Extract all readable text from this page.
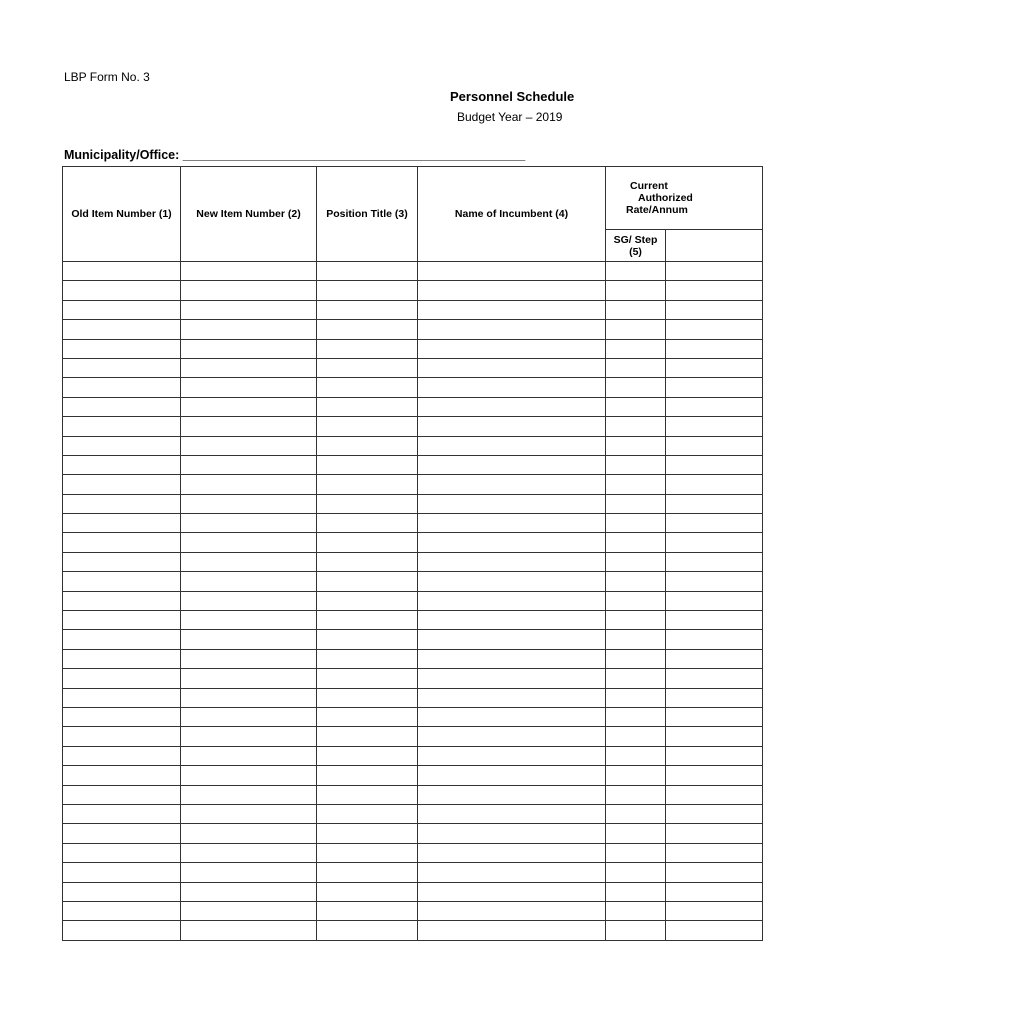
LBP Form No. 3
Personnel Schedule
Budget Year – 2019
Municipality/Office: _____________________________________________________
Old Item Number (1)	New Item Number (2)	Position Title (3)	Name of Incumbent (4)	Current
Authorized
Rate/Annum	

				SG/ Step
(5)	
